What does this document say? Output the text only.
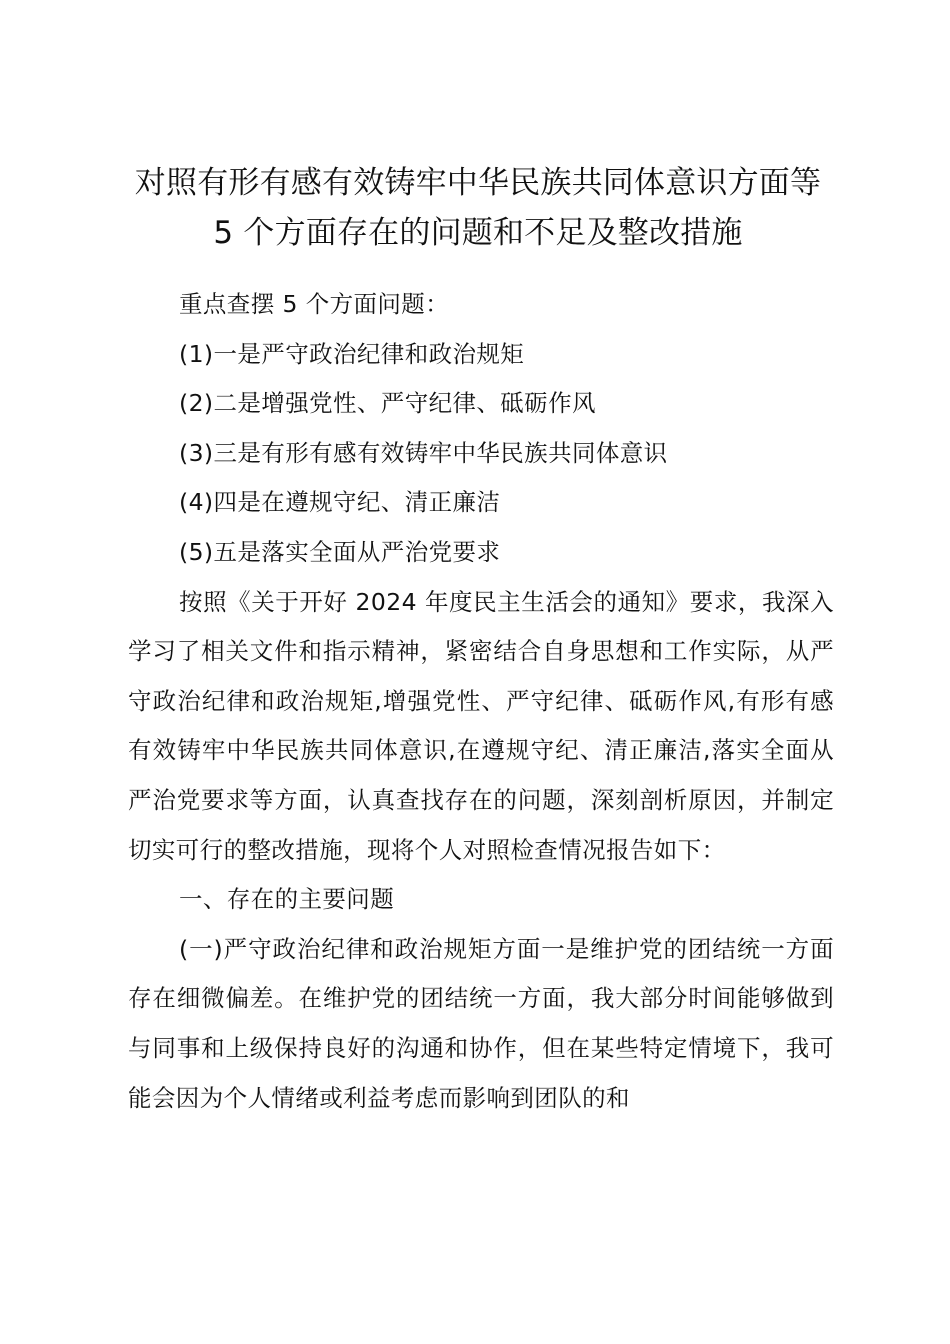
对照有形有感有效铸牢中华民族共同体意识方面等 5 个方面存在的问题和不足及整改措施

重点查摆 5 个方面问题：

(1)一是严守政治纪律和政治规矩

(2)二是增强党性、严守纪律、砥砺作风

(3)三是有形有感有效铸牢中华民族共同体意识

(4)四是在遵规守纪、清正廉洁

(5)五是落实全面从严治党要求

按照《关于开好 2024 年度民主生活会的通知》要求，我深入学习了相关文件和指示精神，紧密结合自身思想和工作实际，从严守政治纪律和政治规矩,增强党性、严守纪律、砥砺作风,有形有感有效铸牢中华民族共同体意识,在遵规守纪、清正廉洁,落实全面从严治党要求等方面，认真查找存在的问题，深刻剖析原因，并制定切实可行的整改措施，现将个人对照检查情况报告如下：

一、存在的主要问题

(一)严守政治纪律和政治规矩方面一是维护党的团结统一方面存在细微偏差。在维护党的团结统一方面，我大部分时间能够做到与同事和上级保持良好的沟通和协作，但在某些特定情境下，我可能会因为个人情绪或利益考虑而影响到团队的和
